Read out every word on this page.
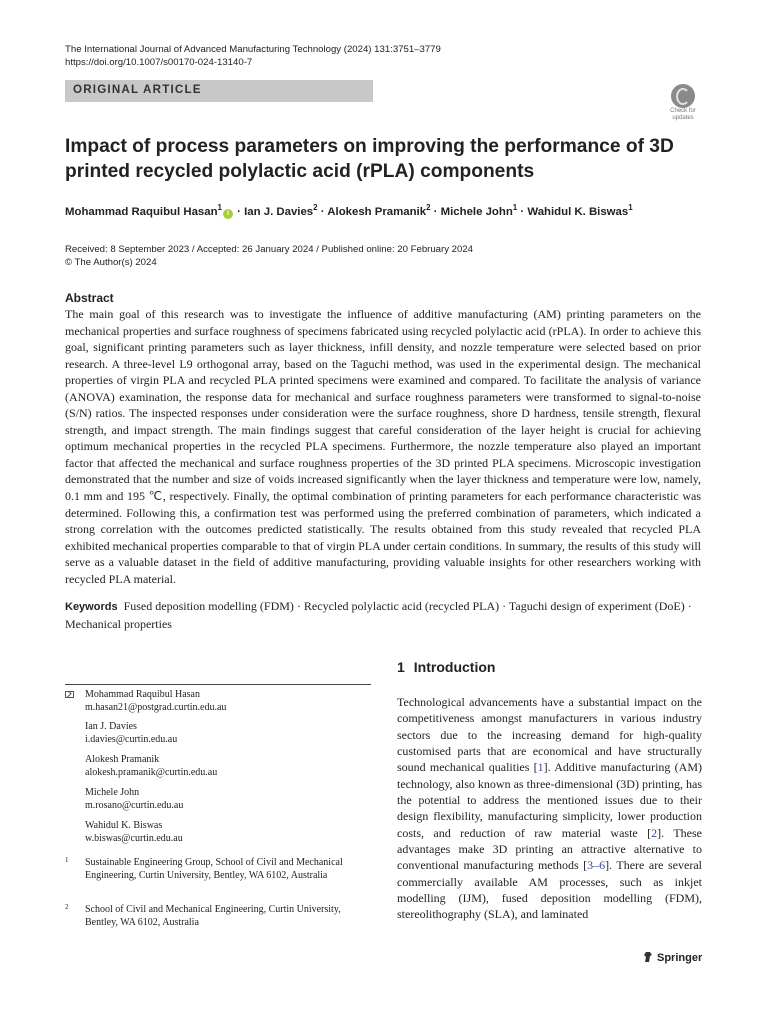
The International Journal of Advanced Manufacturing Technology (2024) 131:3751–3779
https://doi.org/10.1007/s00170-024-13140-7
ORIGINAL ARTICLE
Check for
updates
Impact of process parameters on improving the performance of 3D printed recycled polylactic acid (rPLA) components
Mohammad Raquibul Hasan$^1$i · Ian J. Davies$^2$ · Alokesh Pramanik$^2$ · Michele John$^1$ · Wahidul K. Biswas$^1$
Received: 8 September 2023 / Accepted: 26 January 2024 / Published online: 20 February 2024
© The Author(s) 2024
Abstract
The main goal of this research was to investigate the influence of additive manufacturing (AM) printing parameters on the mechanical properties and surface roughness of specimens fabricated using recycled polylactic acid (rPLA). In order to achieve this goal, significant printing parameters such as layer thickness, infill density, and nozzle temperature were selected based on prior research. A three-level L9 orthogonal array, based on the Taguchi method, was used in the experimental design. The mechanical properties of virgin PLA and recycled PLA printed specimens were examined and compared. To facilitate the analysis of variance (ANOVA) examination, the response data for mechanical and surface roughness parameters were transformed to signal-to-noise (S/N) ratios. The inspected responses under consideration were the surface roughness, shore D hardness, tensile strength, flexural strength, and impact strength. The main findings suggest that careful consideration of the layer height is crucial for achieving optimum mechanical properties in the recycled PLA specimens. Furthermore, the nozzle temperature also played an important factor that affected the mechanical and surface roughness properties of the 3D printed PLA specimens. Microscopic investigation demonstrated that the number and size of voids increased significantly when the layer thickness and temperature were low, namely, 0.1 mm and 195 ℃, respectively. Finally, the optimal combination of printing parameters for each performance characteristic was determined. Following this, a confirmation test was performed using the preferred combination of parameters, which indicated a strong correlation with the outcomes predicted statistically. The results obtained from this study revealed that recycled PLA exhibited mechanical properties comparable to that of virgin PLA under certain conditions. In summary, the results of this study will serve as a valuable dataset in the field of additive manufacturing, providing valuable insights for other researchers working with recycled PLA material.
Keywords Fused deposition modelling (FDM) · Recycled polylactic acid (recycled PLA) · Taguchi design of experiment (DoE) · Mechanical properties
1 Introduction
Technological advancements have a substantial impact on the competitiveness amongst manufacturers in various industry sectors due to the increasing demand for high-quality customised parts that are economical and have structurally sound mechanical qualities [1]. Additive manufacturing (AM) technology, also known as three-dimensional (3D) printing, has the potential to address the mentioned issues due to their design flexibility, manufacturing simplicity, lower production costs, and reduction of raw material waste [2]. These advantages make 3D printing an attractive alternative to conventional manufacturing methods [3–6]. There are several commercially available AM processes, such as inkjet modelling (IJM), fused deposition modelling (FDM), stereolithography (SLA), and laminated
Mohammad Raquibul Hasan
m.hasan21@postgrad.curtin.edu.au
Ian J. Davies
i.davies@curtin.edu.au
Alokesh Pramanik
alokesh.pramanik@curtin.edu.au
Michele John
m.rosano@curtin.edu.au
Wahidul K. Biswas
w.biswas@curtin.edu.au
1 Sustainable Engineering Group, School of Civil and Mechanical Engineering, Curtin University, Bentley, WA 6102, Australia
2 School of Civil and Mechanical Engineering, Curtin University, Bentley, WA 6102, Australia
Springer
